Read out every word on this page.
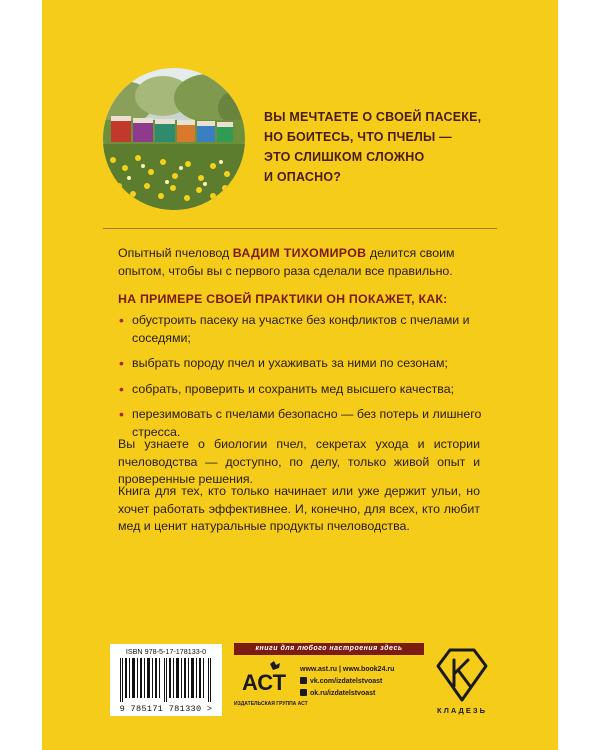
ВЫ МЕЧТАЕТЕ О СВОЕЙ ПАСЕКЕ,
НО БОИТЕСЬ, ЧТО ПЧЕЛЫ —
ЭТО СЛИШКОМ СЛОЖНО
И ОПАСНО?
Опытный пчеловод ВАДИМ ТИХОМИРОВ делится своим опытом, чтобы вы с первого раза сделали все правильно.
НА ПРИМЕРЕ СВОЕЙ ПРАКТИКИ ОН ПОКАЖЕТ, КАК:
• обустроить пасеку на участке без конфликтов с пчелами и соседями;
• выбрать породу пчел и ухаживать за ними по сезонам;
• собрать, проверить и сохранить мед высшего качества;
• перезимовать с пчелами безопасно — без потерь и лишнего стресса.
Вы узнаете о биологии пчел, секретах ухода и истории пчеловодства — доступно, по делу, только живой опыт и проверенные решения.
Книга для тех, кто только начинает или уже держит ульи, но хочет работать эффективнее. И, конечно, для всех, кто любит мед и ценит натуральные продукты пчеловодства.
ISBN 978-5-17-178133-0
9 785171 781330 >
книги для любого настроения здесь
АСТ
ИЗДАТЕЛЬСКАЯ ГРУППА АСТ
www.ast.ru | www.book24.ru
vk.com/izdatelstvoast
ok.ru/izdatelstvoast
КЛАДЕЗЬ
